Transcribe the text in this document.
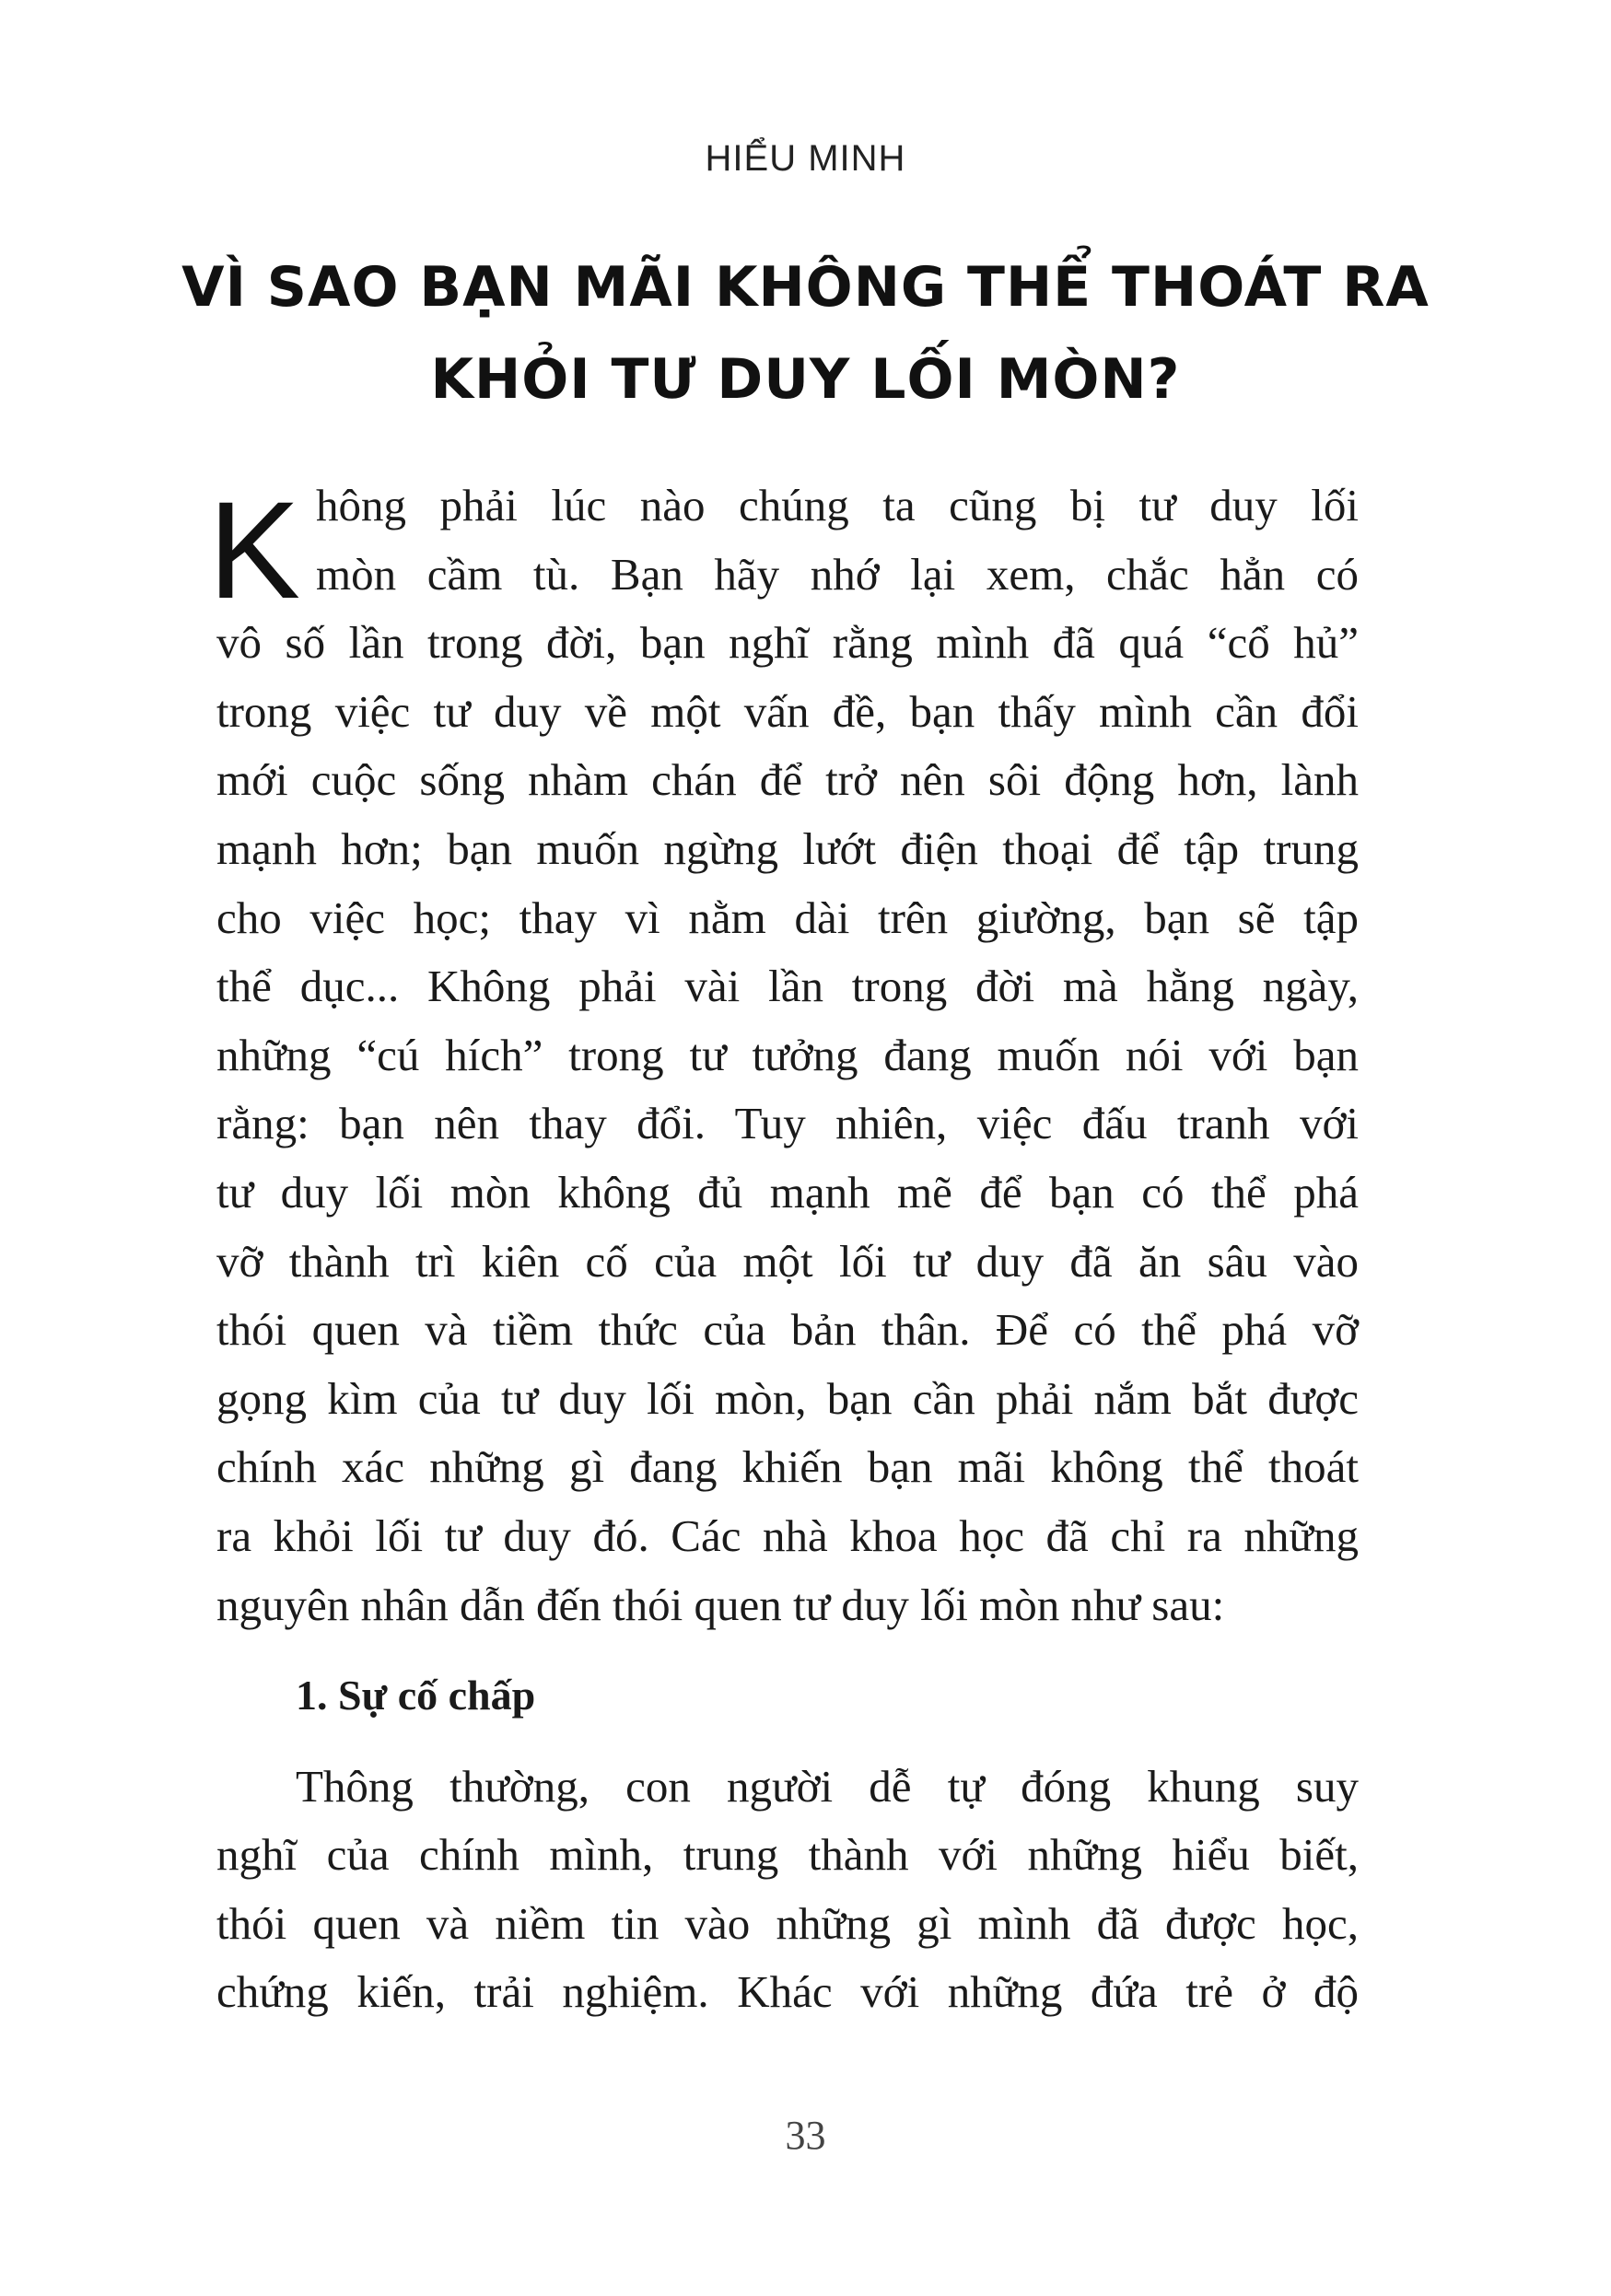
HIỂU MINH
VÌ SAO BẠN MÃI KHÔNG THỂ THOÁT RA
KHỎI TƯ DUY LỐI MÒN?
K hông phải lúc nào chúng ta cũng bị tư duy lối
mòn cầm tù. Bạn hãy nhớ lại xem, chắc hẳn có
vô số lần trong đời, bạn nghĩ rằng mình đã quá “cổ hủ”
trong việc tư duy về một vấn đề, bạn thấy mình cần đổi
mới cuộc sống nhàm chán để trở nên sôi động hơn, lành
mạnh hơn; bạn muốn ngừng lướt điện thoại để tập trung
cho việc học; thay vì nằm dài trên giường, bạn sẽ tập
thể dục... Không phải vài lần trong đời mà hằng ngày,
những “cú hích” trong tư tưởng đang muốn nói với bạn
rằng: bạn nên thay đổi. Tuy nhiên, việc đấu tranh với
tư duy lối mòn không đủ mạnh mẽ để bạn có thể phá
vỡ thành trì kiên cố của một lối tư duy đã ăn sâu vào
thói quen và tiềm thức của bản thân. Để có thể phá vỡ
gọng kìm của tư duy lối mòn, bạn cần phải nắm bắt được
chính xác những gì đang khiến bạn mãi không thể thoát
ra khỏi lối tư duy đó. Các nhà khoa học đã chỉ ra những
nguyên nhân dẫn đến thói quen tư duy lối mòn như sau:
1. Sự cố chấp
Thông thường, con người dễ tự đóng khung suy
nghĩ của chính mình, trung thành với những hiểu biết,
thói quen và niềm tin vào những gì mình đã được học,
chứng kiến, trải nghiệm. Khác với những đứa trẻ ở độ
33
